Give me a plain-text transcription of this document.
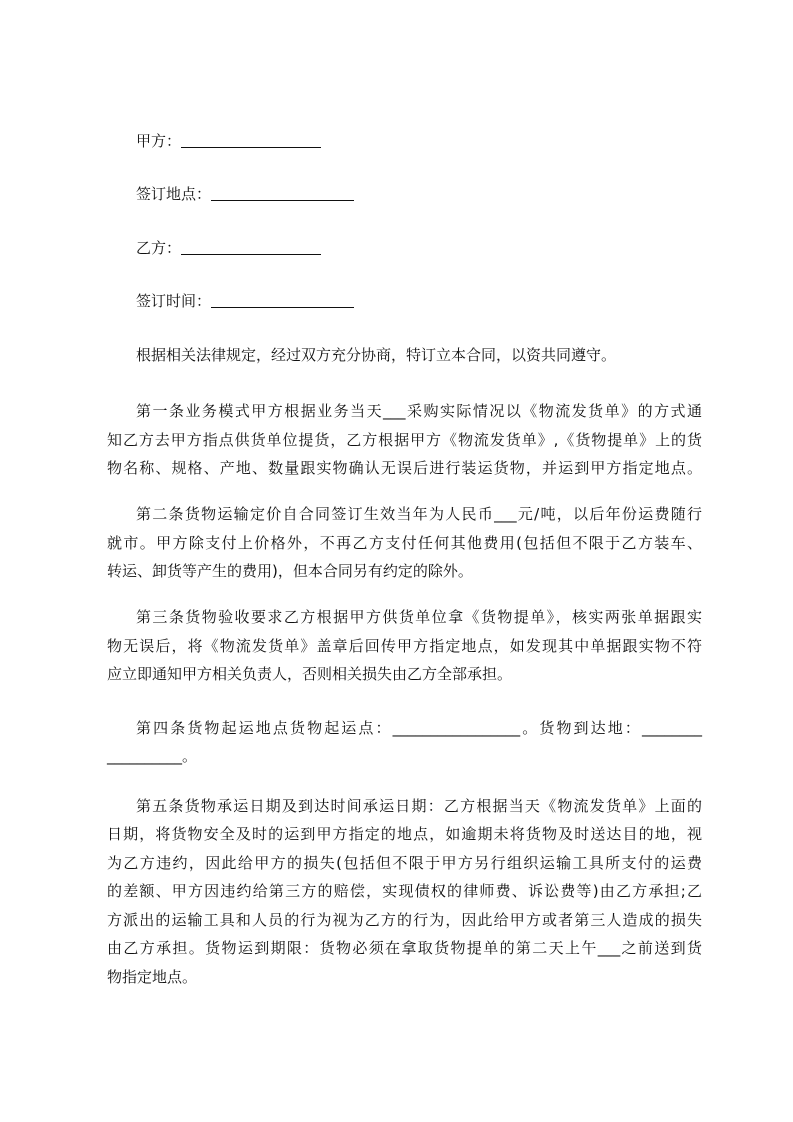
甲方：
签订地点：
乙方：
签订时间：
根据相关法律规定，经过双方充分协商，特订立本合同，以资共同遵守。
第一条业务模式甲方根据业务当天___采购实际情况以《物流发货单》的方式通
知乙方去甲方指点供货单位提货，乙方根据甲方《物流发货单》,《货物提单》上的货
物名称、规格、产地、数量跟实物确认无误后进行装运货物，并运到甲方指定地点。
第二条货物运输定价自合同签订生效当年为人民币___元/吨，以后年份运费随行
就市。甲方除支付上价格外，不再乙方支付任何其他费用(包括但不限于乙方装车、
转运、卸货等产生的费用)，但本合同另有约定的除外。
第三条货物验收要求乙方根据甲方供货单位拿《货物提单》，核实两张单据跟实
物无误后，将《物流发货单》盖章后回传甲方指定地点，如发现其中单据跟实物不符
应立即通知甲方相关负责人，否则相关损失由乙方全部承担。
第四条货物起运地点货物起运点：_________________。货物到达地：________
__________。
第五条货物承运日期及到达时间承运日期：乙方根据当天《物流发货单》上面的
日期，将货物安全及时的运到甲方指定的地点，如逾期未将货物及时送达目的地，视
为乙方违约，因此给甲方的损失(包括但不限于甲方另行组织运输工具所支付的运费
的差额、甲方因违约给第三方的赔偿，实现债权的律师费、诉讼费等)由乙方承担;乙
方派出的运输工具和人员的行为视为乙方的行为，因此给甲方或者第三人造成的损失
由乙方承担。货物运到期限：货物必须在拿取货物提单的第二天上午___之前送到货
物指定地点。
